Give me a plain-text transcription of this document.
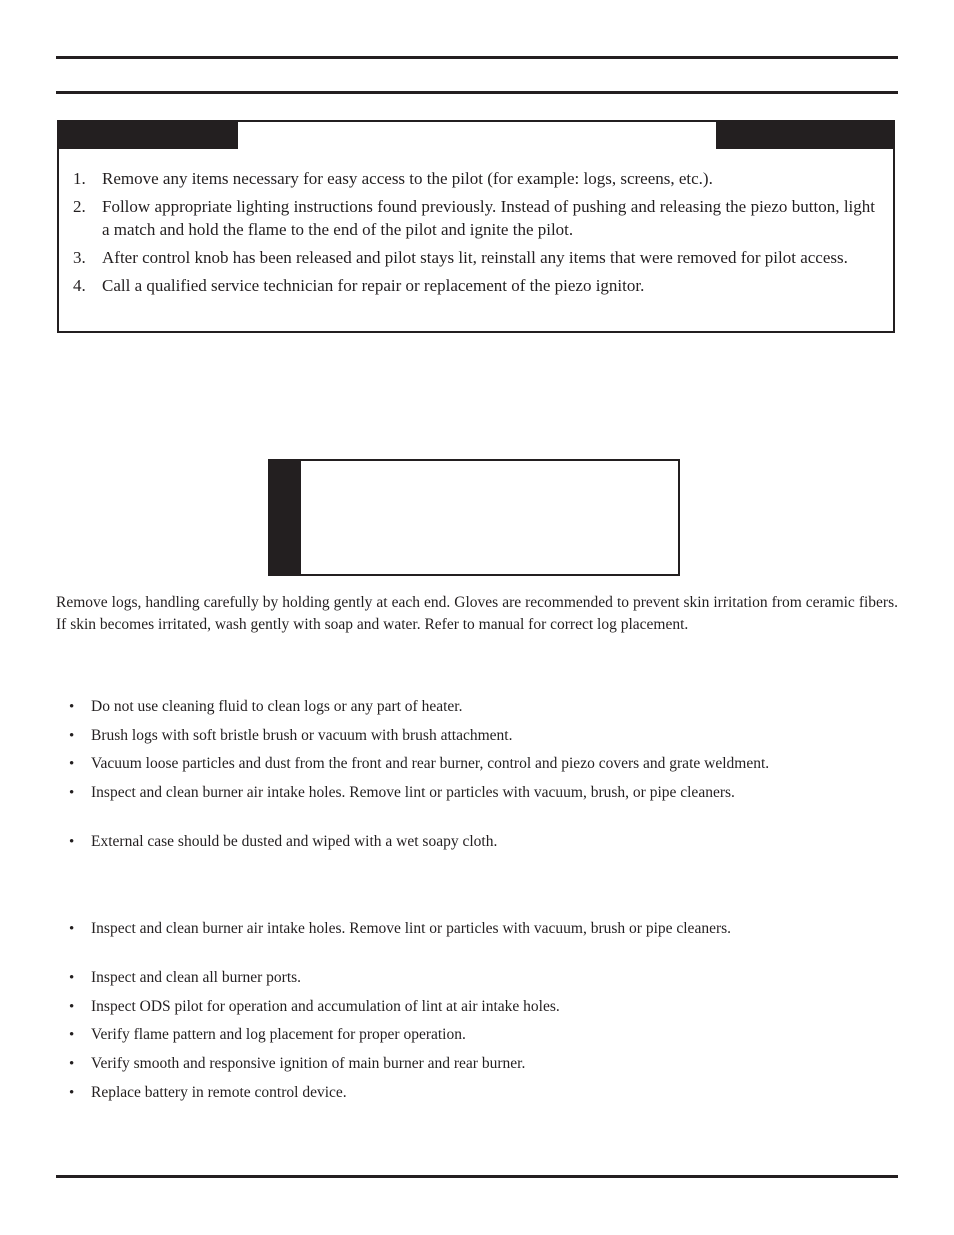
1. Remove any items necessary for easy access to the pilot (for example: logs, screens, etc.).
2. Follow appropriate lighting instructions found previously. Instead of pushing and releasing the piezo button, light a match and hold the flame to the end of the pilot and ignite the pilot.
3. After control knob has been released and pilot stays lit, reinstall any items that were removed for pilot access.
4. Call a qualified service technician for repair or replacement of the piezo ignitor.

Remove logs, handling carefully by holding gently at each end. Gloves are recommended to prevent skin irritation from ceramic fibers. If skin becomes irritated, wash gently with soap and water. Refer to manual for correct log placement.

• Do not use cleaning fluid to clean logs or any part of heater.
• Brush logs with soft bristle brush or vacuum with brush attachment.
• Vacuum loose particles and dust from the front and rear burner, control and piezo covers and grate weldment.
• Inspect and clean burner air intake holes. Remove lint or particles with vacuum, brush, or pipe cleaners.
• External case should be dusted and wiped with a wet soapy cloth.
• Inspect and clean burner air intake holes. Remove lint or particles with vacuum, brush or pipe cleaners.
• Inspect and clean all burner ports.
• Inspect ODS pilot for operation and accumulation of lint at air intake holes.
• Verify flame pattern and log placement for proper operation.
• Verify smooth and responsive ignition of main burner and rear burner.
• Replace battery in remote control device.
